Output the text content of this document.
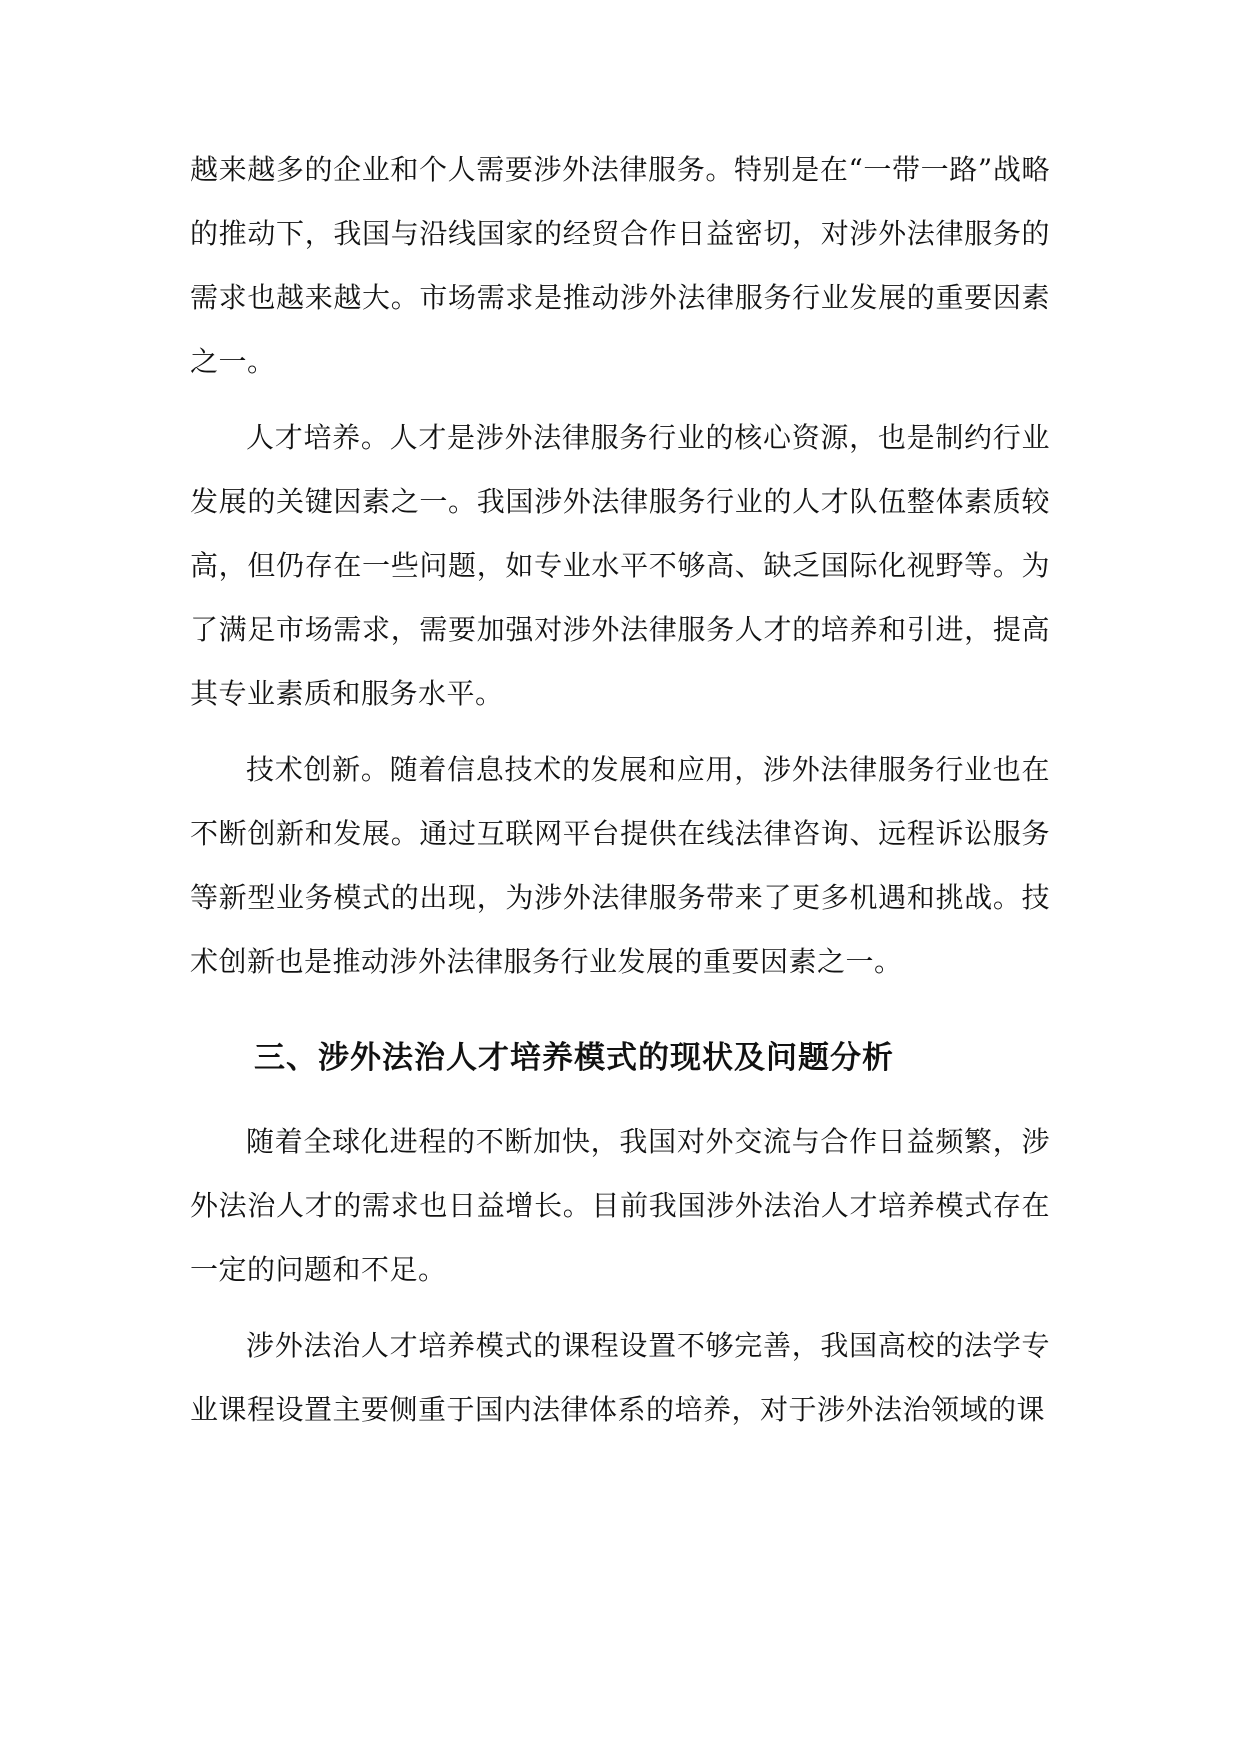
越来越多的企业和个人需要涉外法律服务。特别是在“一带一路”战略的推动下，我国与沿线国家的经贸合作日益密切，对涉外法律服务的需求也越来越大。市场需求是推动涉外法律服务行业发展的重要因素之一。

人才培养。人才是涉外法律服务行业的核心资源，也是制约行业发展的关键因素之一。我国涉外法律服务行业的人才队伍整体素质较高，但仍存在一些问题，如专业水平不够高、缺乏国际化视野等。为了满足市场需求，需要加强对涉外法律服务人才的培养和引进，提高其专业素质和服务水平。

技术创新。随着信息技术的发展和应用，涉外法律服务行业也在不断创新和发展。通过互联网平台提供在线法律咨询、远程诉讼服务等新型业务模式的出现，为涉外法律服务带来了更多机遇和挑战。技术创新也是推动涉外法律服务行业发展的重要因素之一。

三、涉外法治人才培养模式的现状及问题分析

随着全球化进程的不断加快，我国对外交流与合作日益频繁，涉外法治人才的需求也日益增长。目前我国涉外法治人才培养模式存在一定的问题和不足。

涉外法治人才培养模式的课程设置不够完善，我国高校的法学专业课程设置主要侧重于国内法律体系的培养，对于涉外法治领域的课
